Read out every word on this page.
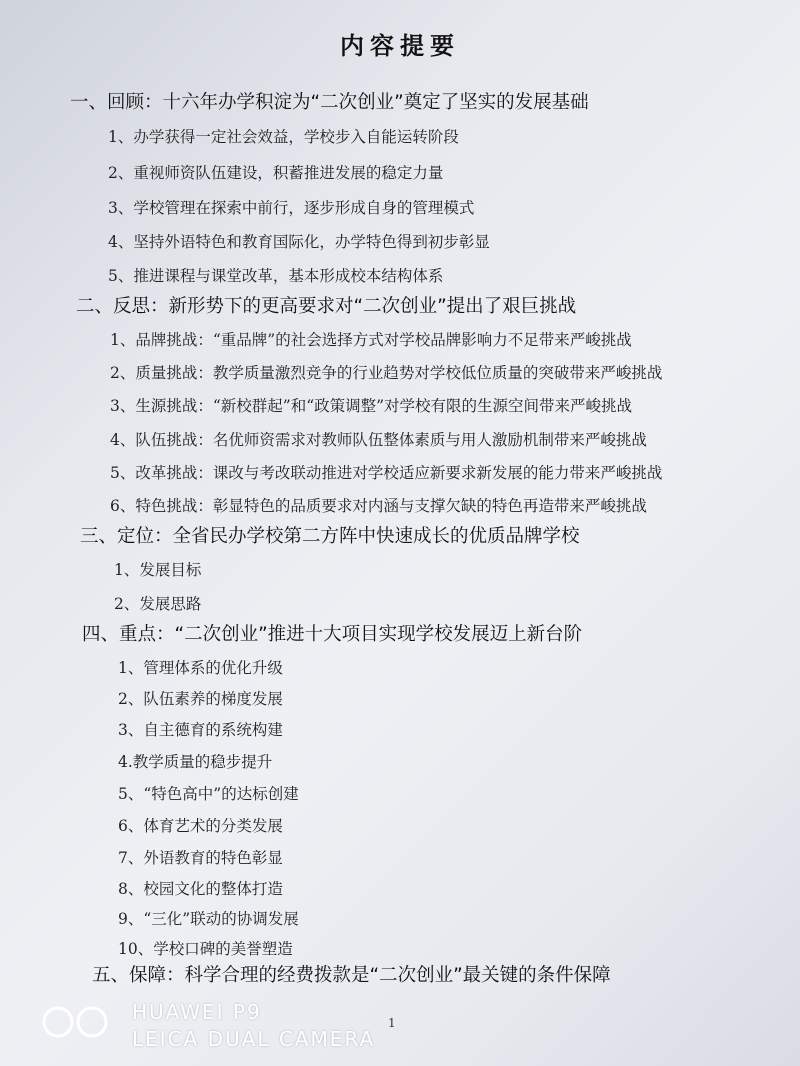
内容提要
一、回顾：十六年办学积淀为“二次创业”奠定了坚实的发展基础
1、办学获得一定社会效益，学校步入自能运转阶段
2、重视师资队伍建设，积蓄推进发展的稳定力量
3、学校管理在探索中前行，逐步形成自身的管理模式
4、坚持外语特色和教育国际化，办学特色得到初步彰显
5、推进课程与课堂改革，基本形成校本结构体系
二、反思：新形势下的更高要求对“二次创业”提出了艰巨挑战
1、品牌挑战：“重品牌”的社会选择方式对学校品牌影响力不足带来严峻挑战
2、质量挑战：教学质量激烈竞争的行业趋势对学校低位质量的突破带来严峻挑战
3、生源挑战：“新校群起”和“政策调整”对学校有限的生源空间带来严峻挑战
4、队伍挑战：名优师资需求对教师队伍整体素质与用人激励机制带来严峻挑战
5、改革挑战：课改与考改联动推进对学校适应新要求新发展的能力带来严峻挑战
6、特色挑战：彰显特色的品质要求对内涵与支撑欠缺的特色再造带来严峻挑战
三、定位：全省民办学校第二方阵中快速成长的优质品牌学校
1、发展目标
2、发展思路
四、重点：“二次创业”推进十大项目实现学校发展迈上新台阶
1、管理体系的优化升级
2、队伍素养的梯度发展
3、自主德育的系统构建
4.教学质量的稳步提升
5、“特色高中”的达标创建
6、体育艺术的分类发展
7、外语教育的特色彰显
8、校园文化的整体打造
9、“三化”联动的协调发展
10、学校口碑的美誉塑造
五、保障：科学合理的经费拨款是“二次创业”最关键的条件保障
1
HUAWEI P9
LEICA DUAL CAMERA
